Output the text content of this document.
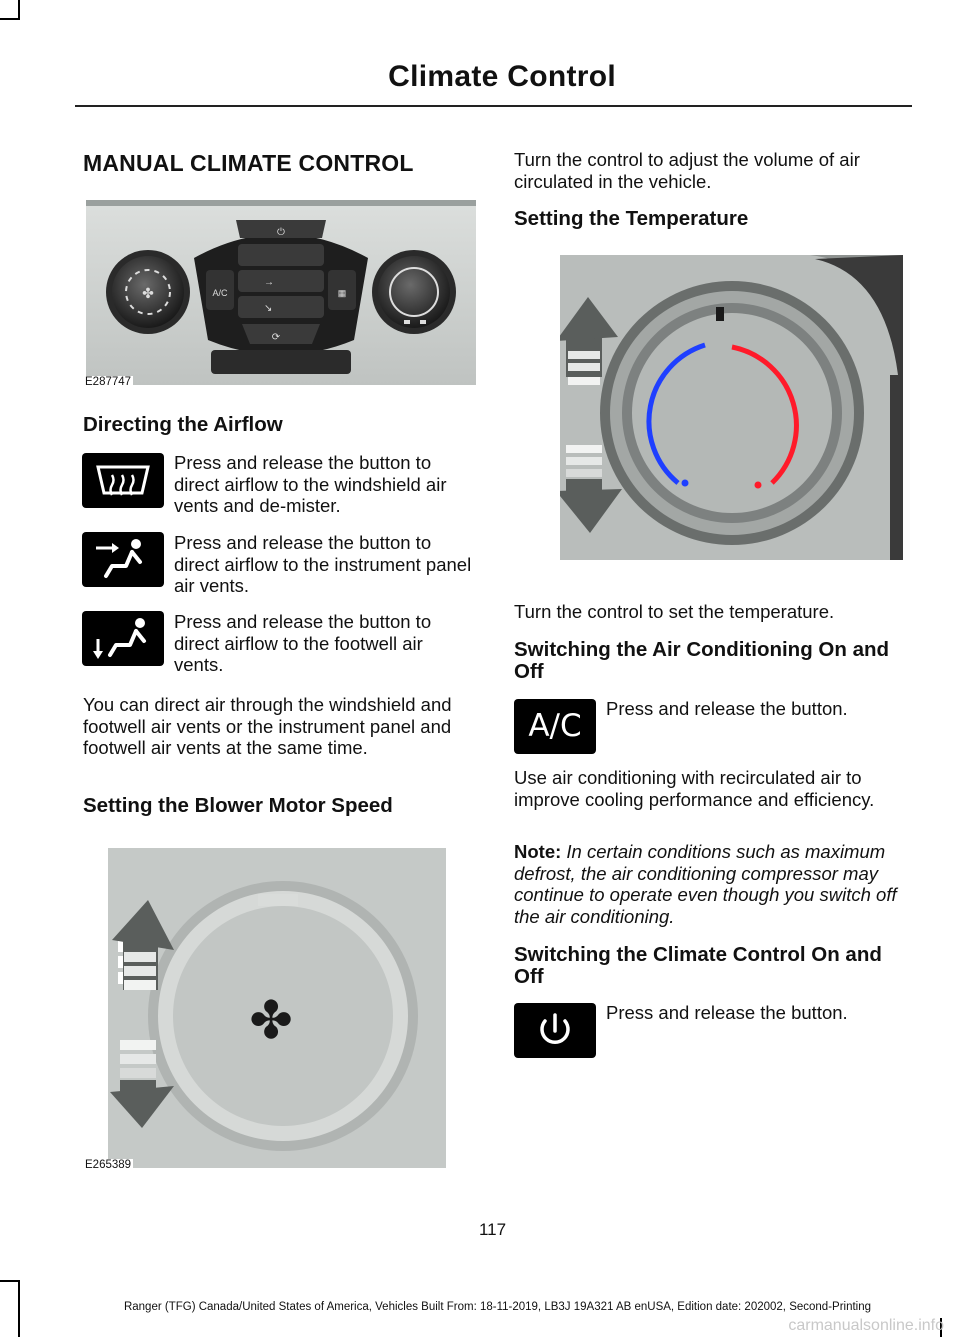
Climate Control
MANUAL CLIMATE CONTROL
✤	A/C	▦
⏻
→
↘
⟳
E287747
Directing the Airflow

Press and release the button to direct airflow to the windshield air vents and de-mister.

Press and release the button to direct airflow to the instrument panel air vents.

Press and release the button to direct airflow to the footwell air vents.

You can direct air through the windshield and footwell air vents or the instrument panel and footwell air vents at the same time.

Setting the Blower Motor Speed
✤
E265389

Turn the control to adjust the volume of air circulated in the vehicle.

Setting the Temperature

Turn the control to set the temperature.

Switching the Air Conditioning On and Off
A/C	Press and release the button.

Use air conditioning with recirculated air to improve cooling performance and efficiency.

Note: In certain conditions such as maximum defrost, the air conditioning compressor may continue to operate even though you switch off the air conditioning.

Switching the Climate Control On and Off

Press and release the button.

117
Ranger (TFG) Canada/United States of America, Vehicles Built From: 18-11-2019, LB3J 19A321 AB enUSA, Edition date: 202002, Second-Printing
carmanualsonline.info
